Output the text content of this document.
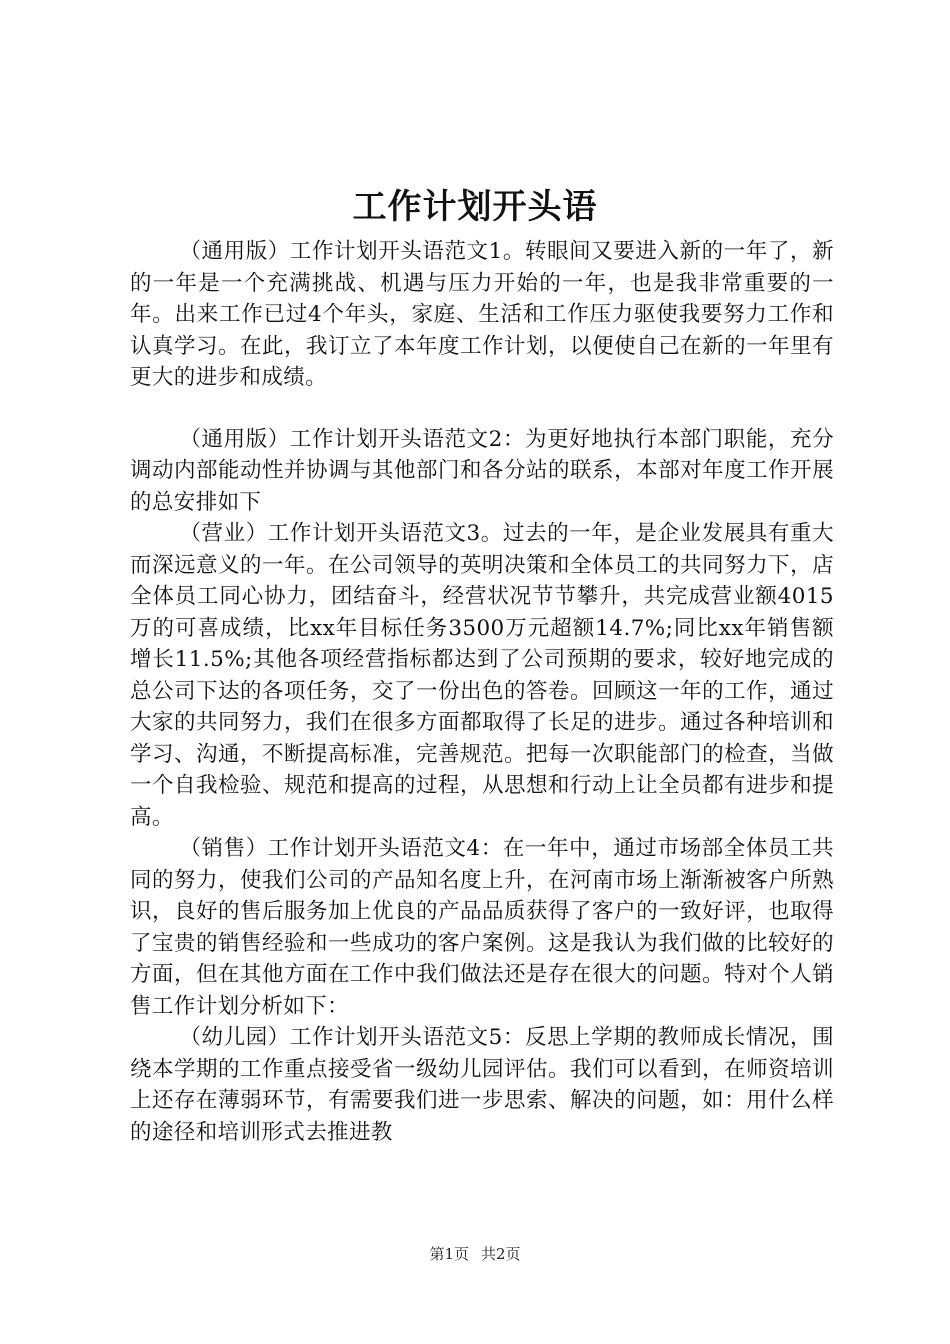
工作计划开头语

（通用版）工作计划开头语范文1。转眼间又要进入新的一年了，新的一年是一个充满挑战、机遇与压力开始的一年，也是我非常重要的一年。出来工作已过4个年头，家庭、生活和工作压力驱使我要努力工作和认真学习。在此，我订立了本年度工作计划，以便使自己在新的一年里有更大的进步和成绩。

（通用版）工作计划开头语范文2：为更好地执行本部门职能，充分调动内部能动性并协调与其他部门和各分站的联系，本部对年度工作开展的总安排如下

（营业）工作计划开头语范文3。过去的一年，是企业发展具有重大而深远意义的一年。在公司领导的英明决策和全体员工的共同努力下，店全体员工同心协力，团结奋斗，经营状况节节攀升，共完成营业额4015万的可喜成绩，比xx年目标任务3500万元超额14.7%;同比xx年销售额增长11.5%;其他各项经营指标都达到了公司预期的要求，较好地完成的总公司下达的各项任务，交了一份出色的答卷。回顾这一年的工作，通过大家的共同努力，我们在很多方面都取得了长足的进步。通过各种培训和学习、沟通，不断提高标准，完善规范。把每一次职能部门的检查，当做一个自我检验、规范和提高的过程，从思想和行动上让全员都有进步和提高。

（销售）工作计划开头语范文4：在一年中，通过市场部全体员工共同的努力，使我们公司的产品知名度上升，在河南市场上渐渐被客户所熟识，良好的售后服务加上优良的产品品质获得了客户的一致好评，也取得了宝贵的销售经验和一些成功的客户案例。这是我认为我们做的比较好的方面，但在其他方面在工作中我们做法还是存在很大的问题。特对个人销售工作计划分析如下：

（幼儿园）工作计划开头语范文5：反思上学期的教师成长情况，围绕本学期的工作重点接受省一级幼儿园评估。我们可以看到，在师资培训上还存在薄弱环节，有需要我们进一步思索、解决的问题，如：用什么样的途径和培训形式去推进教

第1页 共2页
